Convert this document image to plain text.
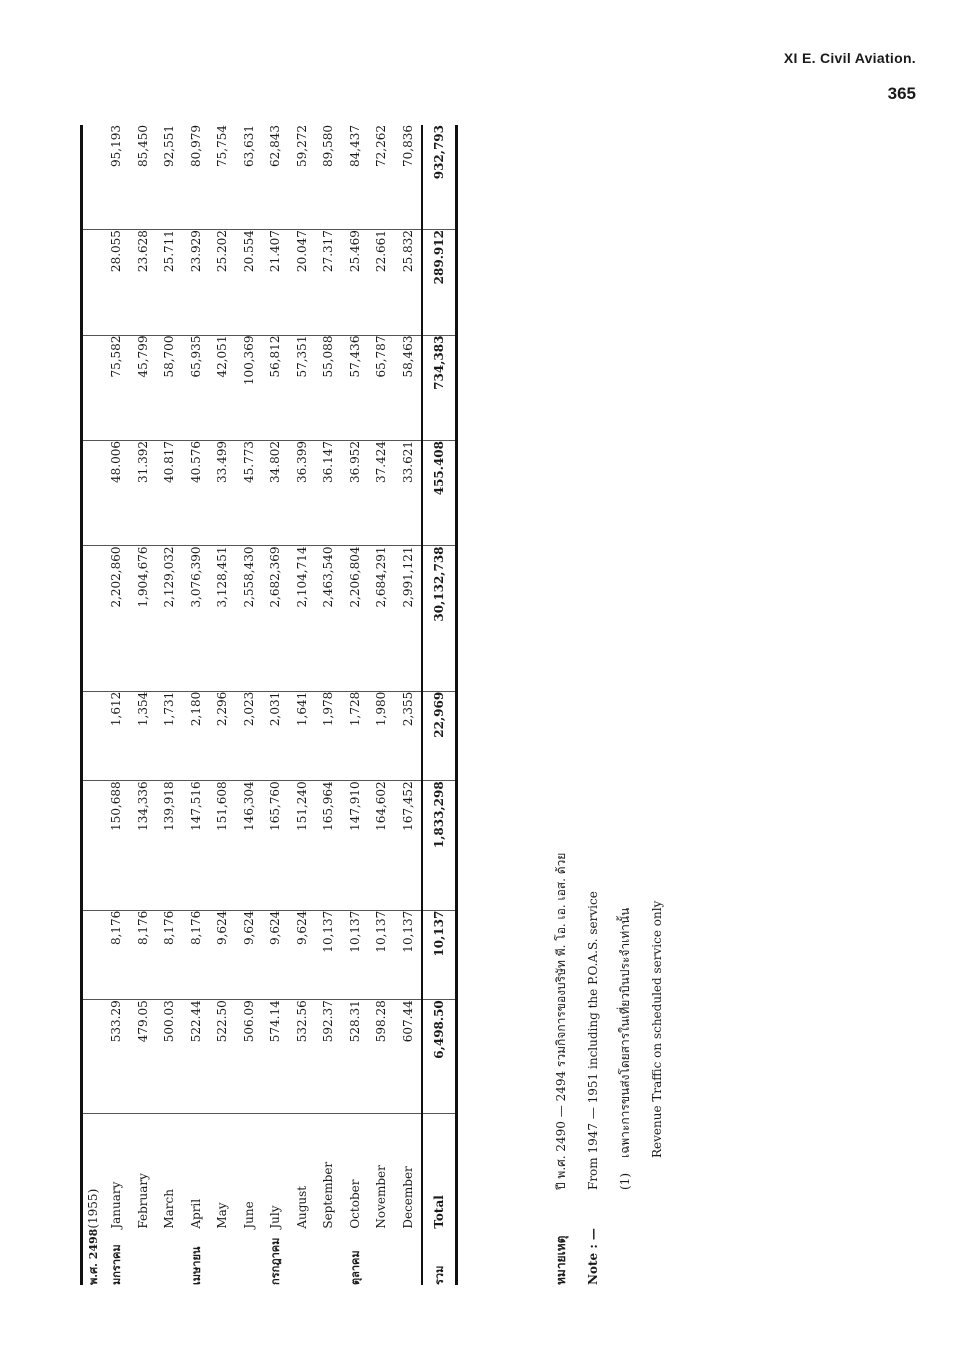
XI E. Civil Aviation.
365
พ.ศ. 2498	(1955)									
มกราคม	January	533.29	8,176	150,688	1,612	2,202,860	48.006	75,582	28.055	95,193
	February	479.05	8,176	134,336	1,354	1,904,676	31.392	45,799	23.628	85,450
	March	500.03	8,176	139,918	1,731	2,129,032	40.817	58,700	25.711	92,551
เมษายน	April	522.44	8,176	147,516	2,180	3,076,390	40.576	65,935	23.929	80,979
	May	522.50	9,624	151,608	2,296	3,128,451	33.499	42,051	25.202	75,754
	June	506.09	9,624	146,304	2,023	2,558,430	45.773	100,369	20.554	63,631
กรกฎาคม	July	574.14	9,624	165,760	2,031	2,682,369	34.802	56,812	21.407	62,843
	August	532.56	9,624	151,240	1,641	2,104,714	36.399	57,351	20.047	59,272
	September	592.37	10,137	165,964	1,978	2,463,540	36.147	55,088	27.317	89,580
ตุลาคม	October	528.31	10,137	147,910	1,728	2,206,804	36.952	57,436	25.469	84,437
	November	598.28	10,137	164,602	1,980	2,684,291	37.424	65,787	22.661	72,262
	December	607.44	10,137	167,452	2,355	2,991,121	33.621	58,463	25.832	70,836
รวม	Total	6,498.50	10,137	1,833,298	22,969	30,132,738	455.408	734,383	289.912	932,793
หมายเหตุ
ปี พ.ศ. 2490 — 2494 รวมกิจการของบริษัท พี. โอ. เอ. เอส. ด้วย
Note : —
From 1947 — 1951 including the P.O.A.S. service	(1)
เฉพาะการขนส่งโดยสารในเที่ยวบินประจำเท่านั้น	Revenue Traffic on scheduled service only
